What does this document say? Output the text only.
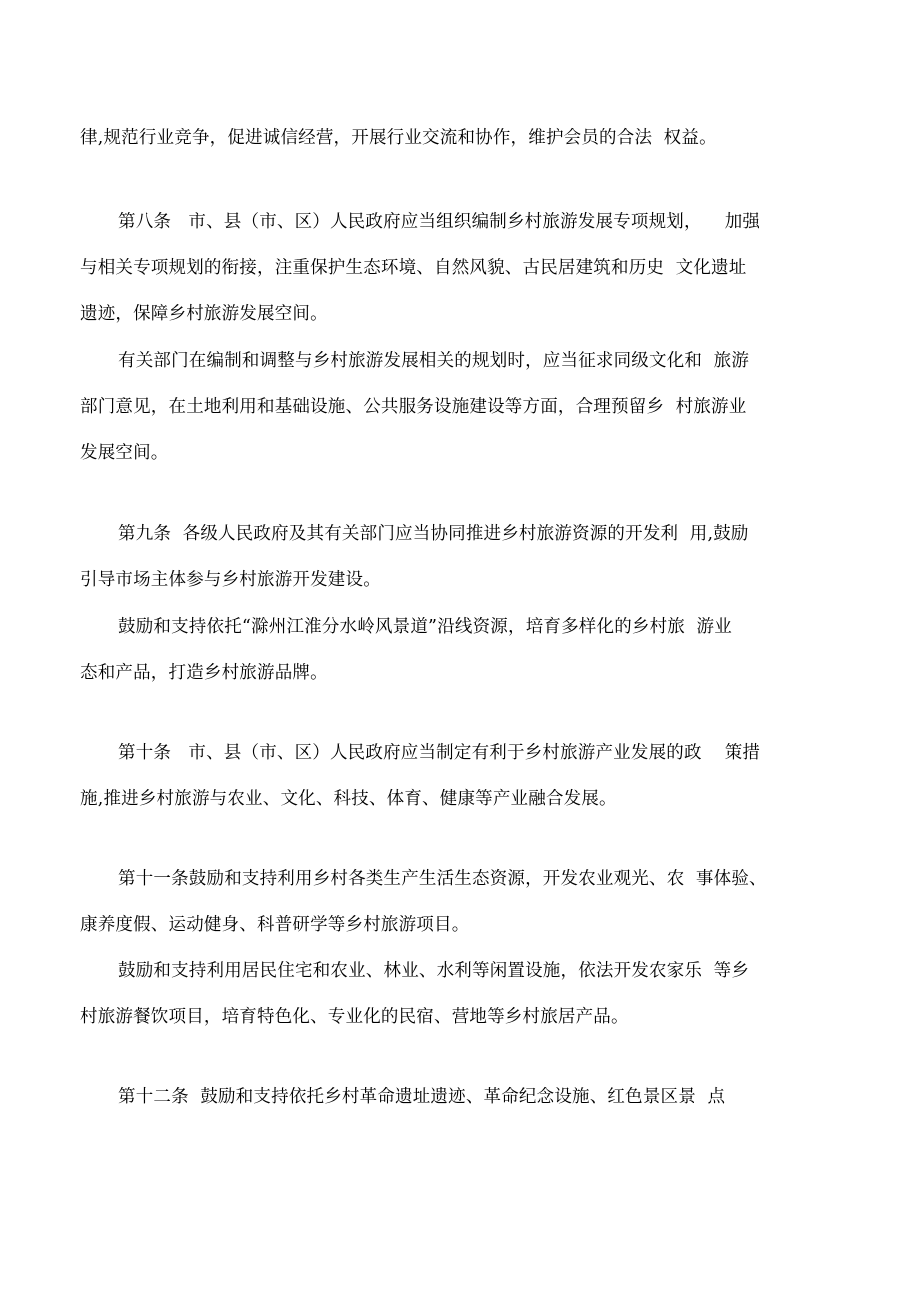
律,规范行业竞争，促进诚信经营，开展行业交流和协作，维护会员的合法  权益。
第八条   市、县（市、区）人民政府应当组织编制乡村旅游发展专项规划，    加强
与相关专项规划的衔接，注重保护生态环境、自然风貌、古民居建筑和历史  文化遗址
遗迹，保障乡村旅游发展空间。
有关部门在编制和调整与乡村旅游发展相关的规划时，应当征求同级文化和  旅游
部门意见，在土地利用和基础设施、公共服务设施建设等方面，合理预留乡  村旅游业
发展空间。
第九条  各级人民政府及其有关部门应当协同推进乡村旅游资源的开发利  用,鼓励
引导市场主体参与乡村旅游开发建设。
鼓励和支持依托“滁州江淮分水岭风景道”沿线资源，培育多样化的乡村旅  游业
态和产品，打造乡村旅游品牌。
第十条   市、县（市、区）人民政府应当制定有利于乡村旅游产业发展的政    策措
施,推进乡村旅游与农业、文化、科技、体育、健康等产业融合发展。
第十一条鼓励和支持利用乡村各类生产生活生态资源，开发农业观光、农  事体验、
康养度假、运动健身、科普研学等乡村旅游项目。
鼓励和支持利用居民住宅和农业、林业、水利等闲置设施，依法开发农家乐  等乡
村旅游餐饮项目，培育特色化、专业化的民宿、营地等乡村旅居产品。
第十二条  鼓励和支持依托乡村革命遗址遗迹、革命纪念设施、红色景区景  点
